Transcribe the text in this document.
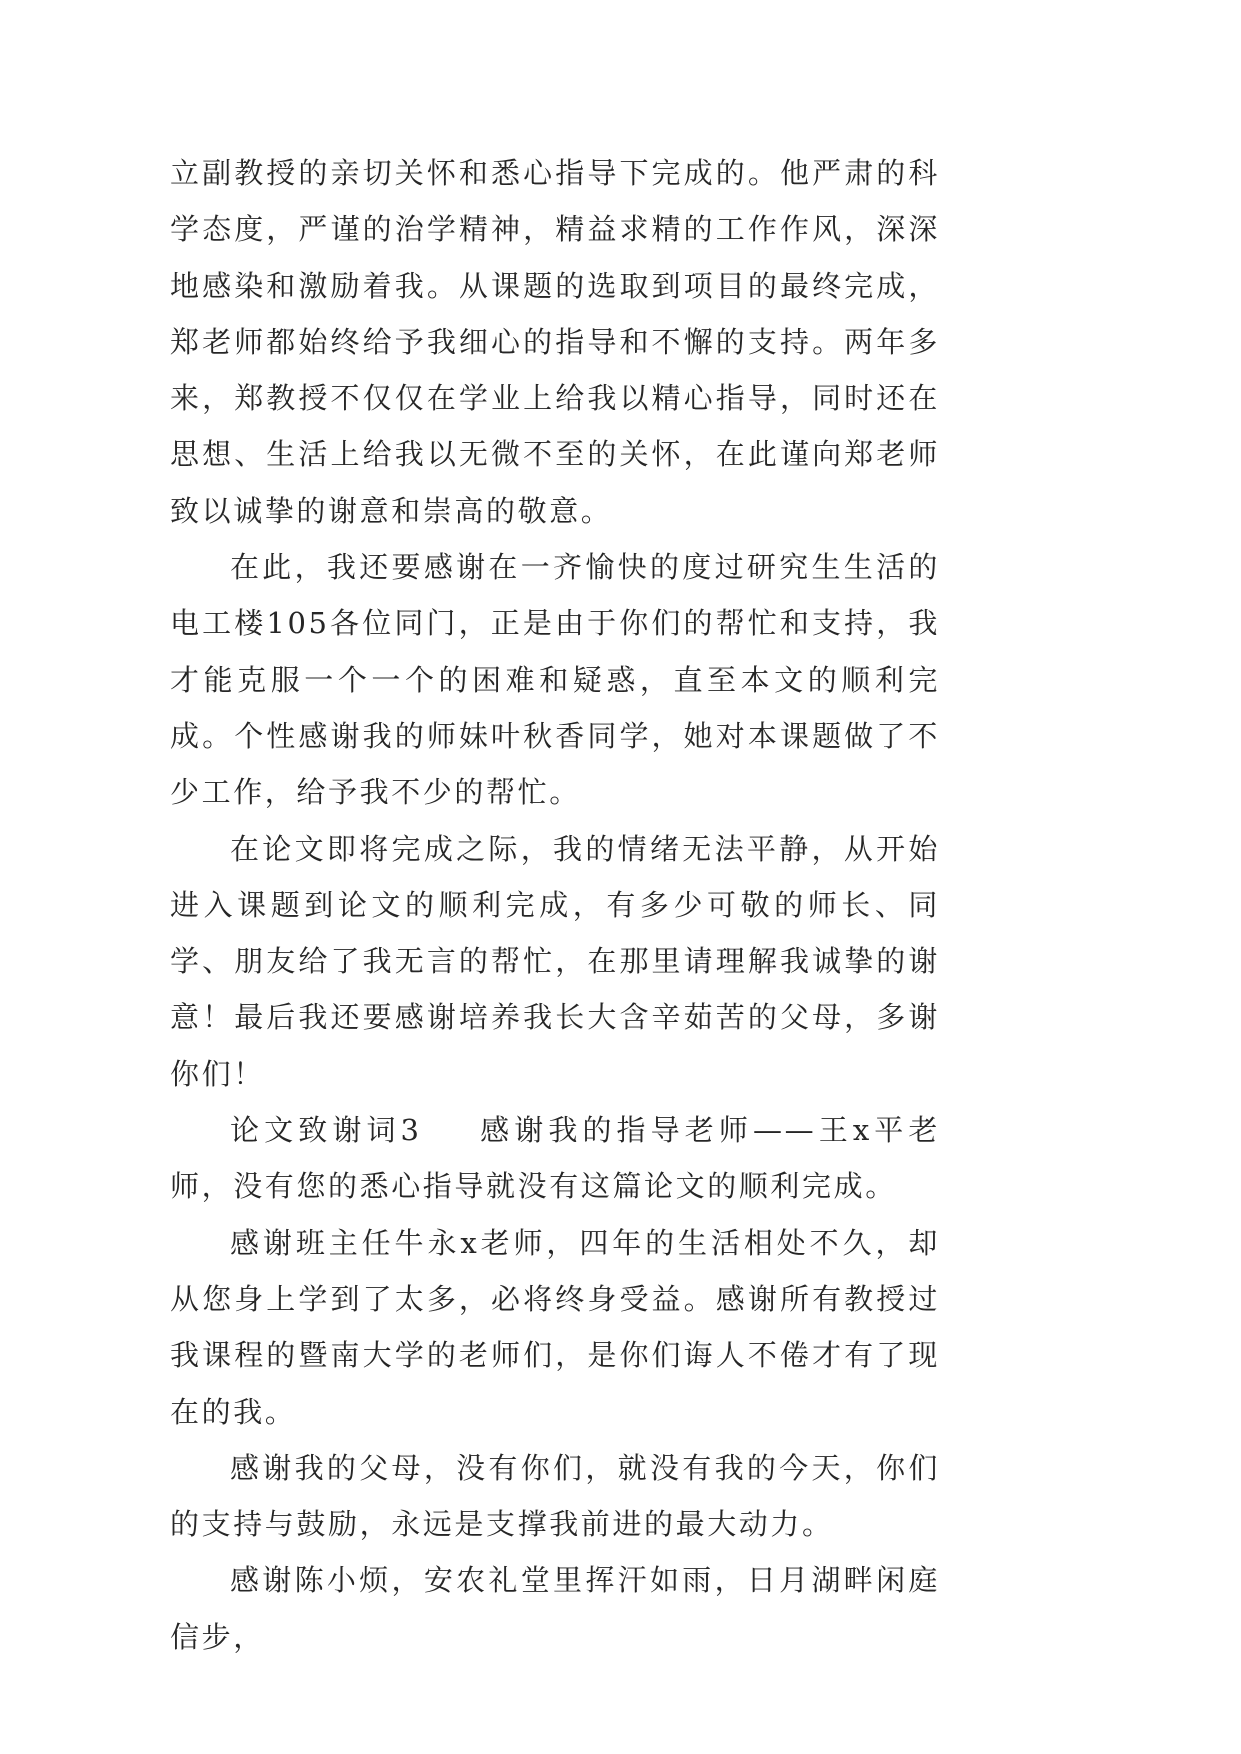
立副教授的亲切关怀和悉心指导下完成的。他严肃的科学态度，严谨的治学精神，精益求精的工作作风，深深地感染和激励着我。从课题的选取到项目的最终完成，郑老师都始终给予我细心的指导和不懈的支持。两年多来，郑教授不仅仅在学业上给我以精心指导，同时还在思想、生活上给我以无微不至的关怀，在此谨向郑老师致以诚挚的谢意和崇高的敬意。

在此，我还要感谢在一齐愉快的度过研究生生活的电工楼105各位同门，正是由于你们的帮忙和支持，我才能克服一个一个的困难和疑惑，直至本文的顺利完成。个性感谢我的师妹叶秋香同学，她对本课题做了不少工作，给予我不少的帮忙。

在论文即将完成之际，我的情绪无法平静，从开始进入课题到论文的顺利完成，有多少可敬的师长、同学、朋友给了我无言的帮忙，在那里请理解我诚挚的谢意！最后我还要感谢培养我长大含辛茹苦的父母，多谢你们！

论文致谢词3 感谢我的指导老师——王x平老师，没有您的悉心指导就没有这篇论文的顺利完成。

感谢班主任牛永x老师，四年的生活相处不久，却从您身上学到了太多，必将终身受益。感谢所有教授过我课程的暨南大学的老师们，是你们诲人不倦才有了现在的我。

感谢我的父母，没有你们，就没有我的今天，你们的支持与鼓励，永远是支撑我前进的最大动力。

感谢陈小烦，安农礼堂里挥汗如雨，日月湖畔闲庭信步，
